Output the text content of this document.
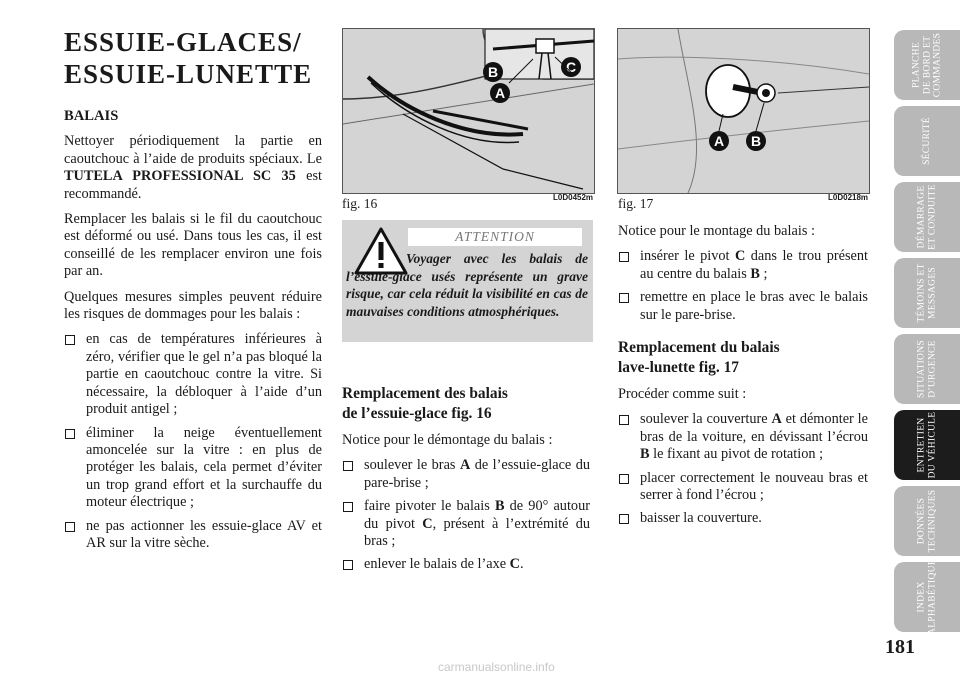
ESSUIE-GLACES/
ESSUIE-LUNETTE

BALAIS

Nettoyer périodiquement la partie en caoutchouc à l’aide de produits spéciaux. Le TUTELA PROFESSIONAL SC 35 est recommandé.

Remplacer les balais si le fil du caoutchouc est déformé ou usé. Dans tous les cas, il est conseillé de les remplacer environ une fois par an.

Quelques mesures simples peuvent réduire les risques de dommages pour les balais :

en cas de températures inférieures à zéro, vérifier que le gel n’a pas bloqué la partie en caoutchouc contre la vitre. Si nécessaire, la débloquer à l’aide d’un produit antigel ;
éliminer la neige éventuellement amoncelée sur la vitre : en plus de protéger les balais, cela permet d’éviter un trop grand effort et la surchauffe du moteur électrique ;
ne pas actionner les essuie-glace AV et AR sur la vitre sèche.
B	C
A
fig. 16	L0D0452m
A B
fig. 17	L0D0218m
ATTENTION
Voyager avec les balais de l’essuie-glace usés représente un grave risque, car cela réduit la visibilité en cas de mauvaises conditions atmosphériques.

Remplacement des balais
de l’essuie-glace fig. 16

Notice pour le démontage du balais :

soulever le bras A de l’essuie-glace du pare-brise ;
faire pivoter le balais B de 90° autour du pivot C, présent à l’extrémité du bras ;
enlever le balais de l’axe C.

Notice pour le montage du balais :

insérer le pivot C dans le trou présent au centre du balais B ;
remettre en place le bras avec le balais sur le pare-brise.

Remplacement du balais
lave-lunette fig. 17

Procéder comme suit :

soulever la couverture A et démonter le bras de la voiture, en dévissant l’écrou B le fixant au pivot de rotation ;
placer correctement le nouveau bras et serrer à fond l’écrou ;
baisser la couverture.
PLANCHE
DE BORD ET
COMMANDES
SÉCURITÉ
DÉMARRAGE
ET CONDUITE
TÉMOINS ET
MESSAGES
SITUATIONS
D’URGENCE
ENTRETIEN
DU VÉHICULE
DONNÉES
TECHNIQUES
INDEX
ALPHABÉTIQUE
181
carmanualsonline.info
